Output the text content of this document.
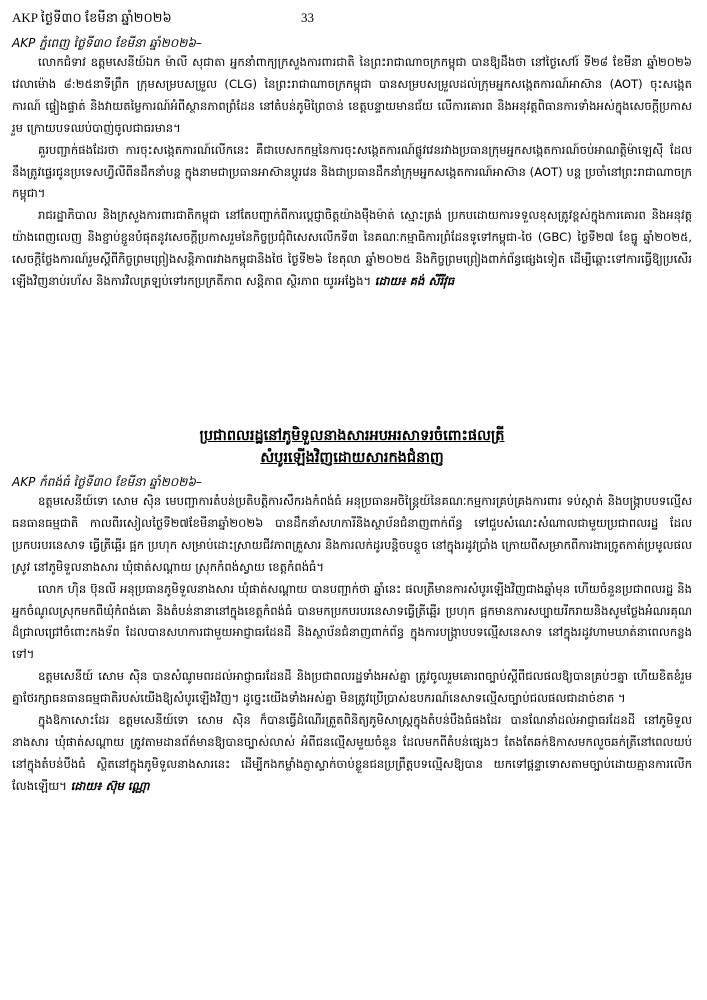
AKP ថ្ងៃទី៣០ ខែមីនា ឆ្នាំ២០២៦	33

AKP ភ្នំពេញ ថ្ងៃទី៣០ ខែមីនា ឆ្នាំ២០២៦–

លោកជំទាវ ឧត្តមសេនីយ៍ឯក ម៉ាលី សុជាតា អ្នកនាំពាក្យក្រសួងការពារជាតិ នៃព្រះរាជាណាចក្រកម្ពុជា បានឱ្យដឹងថា នៅថ្ងៃសៅរ៍ ទី២៨ ខែមីនា ឆ្នាំ២០២៦ វេលាម៉ោង ៨:២៥នាទីព្រឹក ក្រុមសម្របសម្រួល (CLG) នៃព្រះរាជាណាចក្រកម្ពុជា បានសម្របសម្រួលដល់ក្រុមអ្នកសង្កេតការណ៍អាស៊ាន (AOT) ចុះសង្កេតការណ៍ ផ្ទៀងផ្ទាត់ និងវាយតម្លៃការណ៍អំពីស្ថានភាពព្រំដែន នៅតំបន់ភូមិព្រៃចាន់ ខេត្តបន្ទាយមានជ័យ លើការគោរព និងអនុវត្តពិធានការទាំងអស់ក្នុងសេចក្តីប្រកាសរួម ក្រោយបទឈប់បាញ់ចូលជាធរមាន។

គួរបញ្ជាក់ផងដែរថា ការចុះសង្កេតការណ៍លើកនេះ គឺជាបេសកកម្មនៃការចុះសង្កេតការណ៍ផ្លូវវេនរវាងប្រធានក្រុមអ្នកសង្កេតការណ៍ចប់អាណត្តិម៉ាឡេស៊ី ដែលនឹងត្រូវផ្ទេរជូនប្រទេសហ្វីលីពីនដឹកនាំបន្ត ក្នុងនាមជាប្រធានអាស៊ានប្តូរវេន និងជាប្រធានដឹកនាំក្រុមអ្នកសង្កេតការណ៍អាស៊ាន (AOT) បន្ត ប្រចាំនៅព្រះរាជាណាចក្រកម្ពុជា។

រាជរដ្ឋាភិបាល និងក្រសួងការពារជាតិកម្ពុជា នៅតែបញ្ជាក់ពីការប្តេជ្ញាចិត្តយ៉ាងម៉ឺងម៉ាត់ ស្មោះត្រង់ ប្រកបដោយការទទួលខុសត្រូវខ្ពស់ក្នុងការគោរព និងអនុវត្តយ៉ាងពេញលេញ និងខ្ជាប់ខ្ជួនបំផុតនូវសេចក្តីប្រកាសរួមនៃកិច្ចប្រជុំពិសេសលើកទី៣ នៃគណៈកម្មាធិការព្រំដែនទូទៅកម្ពុជា-ថៃ (GBC) ថ្ងៃទី២៧ ខែធ្នូ ឆ្នាំ២០២៥, សេចក្តីថ្លែងការណ៍រួមស្តីពីកិច្ចព្រមព្រៀងសន្តិភាពរវាងកម្ពុជានិងថៃ ថ្ងៃទី២៦ ខែតុលា ឆ្នាំ២០២៥ និងកិច្ចព្រមព្រៀងពាក់ព័ន្ធផ្សេងទៀត ដើម្បីឆ្ពោះទៅការធ្វើឱ្យប្រសើរឡើងវិញនាប់រហ័ស និងការវិលត្រឡប់ទៅរកប្រក្រតីភាព សន្តិភាព ស្ថិរភាព យូរអង្វែង។ ដោយ៖ គង់ សីរីវុធ

ប្រជាពលរដ្ឋនៅភូមិទួលនាងសារអបអរសាទរចំពោះផលត្រី
សំបូរឡើងវិញដោយសារកងជំនាញ

AKP កំពង់ធំ ថ្ងៃទី៣០ ខែមីនា ឆ្នាំ២០២៦–

ឧត្តមសេនីយ៍ទោ សោម ស៊ិន មេបញ្ជាការតំបន់ប្រតិបត្តិការសឹករងកំពង់ធំ អនុប្រធានអចិន្ត្រៃយ៍នៃគណៈកម្មការគ្រប់គ្រងការពារ ទប់ស្កាត់ និងបង្ក្រាបបទល្មើសធនធានធម្មជាតិ កាលពីរសៀលថ្ងៃទី២៧ខែមីនាឆ្នាំ២០២៦ បានដឹកនាំសហការីនិងស្ថាប័នជំនាញពាក់ព័ន្ធ ទៅជួបសំណេះសំណាលជាមួយប្រជាពលរដ្ឋ ដែលប្រកបរបរនេសាទ ធ្វើត្រីឆ្អើរ ផ្អក ប្រហុក សម្រាប់ដោះស្រាយជីវភាពគ្រួសារ និងការលក់ដូរបន្តិចបន្តួច នៅក្នុងរដូវប្រាំង ក្រោយពីសម្រាកពីការងារច្រូតកាត់ប្រមូលផលស្រូវ នៅភូមិទួលនាងសារ ឃុំផាត់សណ្តាយ ស្រុកកំពង់ស្វាយ ខេត្តកំពង់ធំ។

លោក ហ៊ិន ប៊ុនលី អនុប្រធានភូមិទួលនាងសារ ឃុំផាត់សណ្តាយ បានបញ្ជាក់ថា ឆ្នាំនេះ ផលត្រីមានការសំបូរឡើងវិញជាងឆ្នាំមុន ហើយចំនួនប្រជាពលរដ្ឋ និងអ្នកចំណូលស្រុកមកពីឃុំកំពង់គោ និងតំបន់នានានៅក្នុងខេត្តកំពង់ធំ បានមកប្រកបរបរនេសាទធ្វើត្រីឆ្អើរ ប្រហុក ផ្អកមានការសប្បាយរីករាយនិងសូមថ្លែងអំណរគុណដ៏ជ្រាលជ្រៅចំពោះកងទ័ព ដែលបានសហការជាមួយអាជ្ញាធរដែនដី និងស្ថាប័នជំនាញពាក់ព័ន្ធ ក្នុងការបង្ក្រាបបទល្មើសនេសាទ នៅក្នុងរដូវហាមឃាត់នាពេលកន្លងទៅ។

ឧត្តមសេនីយ៍ សោម ស៊ិន បានសំណូមពរដល់អាជ្ញាធរដែនដី និងប្រជាពលរដ្ឋទាំងអស់គ្នា ត្រូវចូលរួមគោរពច្បាប់ស្តីពីជលផលឱ្យបានគ្រប់ៗគ្នា ហើយខិតខំរួមគ្នាថែរក្សាធនធានធម្មជាតិរបស់យើងឱ្យសំបូរឡើងវិញ។ ដូច្នេះយើងទាំងអស់គ្នា មិនត្រូវប្រើប្រាស់ឧបករណ៍នេសាទល្មើសច្បាប់ជលផលជាដាច់ខាត ។

ក្នុងឱកាសោះដែរ ឧត្តមសេនីយ៍ទោ សោម ស៊ិន ក៏បានធ្វើដំណើរត្រួតពិនិត្យភូមិសាស្រ្តក្នុងតំបន់បឹងធំផងដែរ បានណែនាំដល់អាជ្ញាធរដែនដី នៅភូមិទួលនាងសារ ឃុំផាត់សណ្តាយ ត្រូវតាមដានព័ត៌មានឱ្យបានច្បាស់លាស់ អំពីជនល្មើសមួយចំនួន ដែលមកពីតំបន់ផ្សេងៗ តែងតែឆក់ឱកាសមកលួចឆក់ត្រីនៅពេលយប់ នៅក្នុងតំបន់បឹងធំ ស្ថិតនៅក្នុងភូមិទួលនាងសារនេះ ដើម្បីកងកម្លាំងភ្ញាស្ទាក់ចាប់ខ្លួនជនប្រព្រឹត្តបទល្មើសឱ្យបាន យកទៅផ្តន្ទាទោសតាមច្បាប់ដោយគ្មានការលើកលែងឡើយ។ ដោយ៖ ស៊ុម ណ្ណោ
